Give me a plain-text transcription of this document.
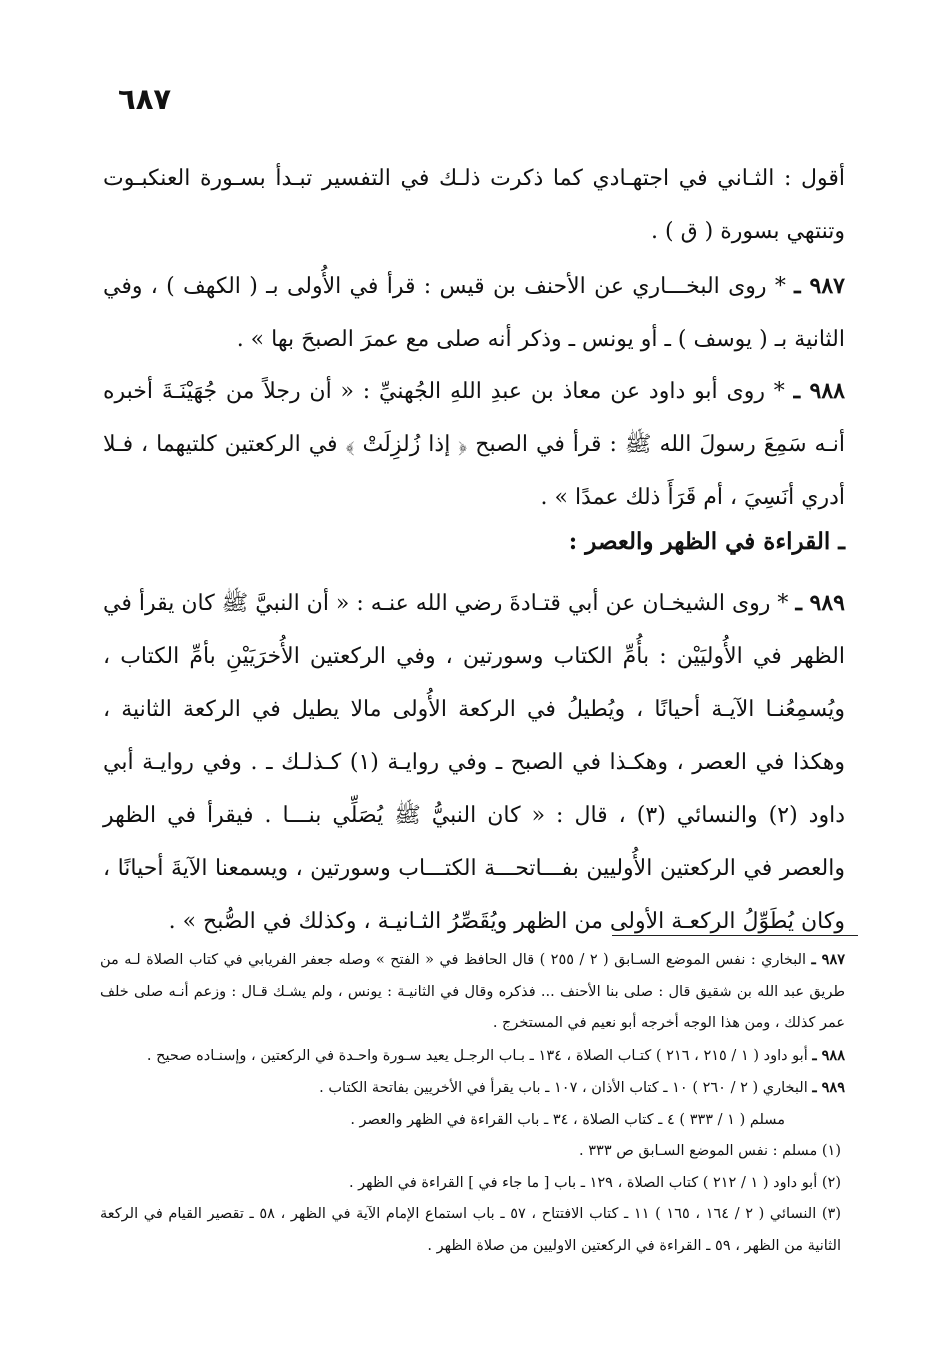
٦٨٧
أقول : الثـاني في اجتهـادي كما ذكرت ذلـك في التفسير تبـدأ بسـورة العنكبـوت وتنتهي بسورة ( ق ) .
٩٨٧ ـ * روى البخـــاري عن الأحنف بن قيس : قرأ في الأُولى بـ ( الكهف ) ، وفي الثانية بـ ( يوسف ) ـ أو يونس ـ وذكر أنه صلى مع عمرَ الصبحَ بها » .
٩٨٨ ـ * روى أبو داود عن معاذ بن عبدِ اللهِ الجُهنيِّ : « أن رجلاً من جُهَيْنَـةَ أخبره أنـه سَمِعَ رسولَ الله ﷺ : قرأ في الصبح ﴿ إذا زُلزِلَتْ ﴾ في الركعتين كلتيهما ، فـلا أدري أنَسِيَ ، أم قَرَأَ ذلك عمدًا » .
ـ القراءة في الظهر والعصر :
٩٨٩ ـ * روى الشيخـان عن أبي قتـادةَ رضي الله عنـه : « أن النبيَّ ﷺ كان يقرأ في الظهر في الأُوليَيْن : بأُمِّ الكتاب وسورتين ، وفي الركعتين الأُخرَيَيْنِ بأمِّ الكتاب ، ويُسمِعُنـا الآيـة أحيانًا ، ويُطيلُ في الركعة الأُولى مالا يطيل في الركعة الثانية ، وهكذا في العصر ، وهكـذا في الصبح ـ وفي روايـة (١) كـذلـك ـ . وفي روايـة أبي داود (٢) والنسائي (٣) ، قال : « كان النبيُّ ﷺ يُصَلِّي بنـــا . فيقرأ في الظهر والعصر في الركعتين الأُوليين بفـــاتحـــة الكتـــاب وسورتين ، ويسمعنا الآيةَ أحيانًا ، وكان يُطَوِّلُ الركعـة الأولى من الظهر ويُقَصِّرُ الثـانيـة ، وكذلك في الصُّبح » .

٩٨٧ ـ البخاري : نفس الموضع السـابق ( ٢ / ٢٥٥ ) قال الحافظ في « الفتح » وصله جعفر الفريابي في كتاب الصلاة لـه من طريق عبد الله بن شقيق قال : صلى بنا الأحنف ... فذكره وقال في الثانيـة : يونس ، ولم يشـك قـال : وزعم أنـه صلى خلف عمر كذلك ، ومن هذا الوجه أخرجه أبو نعيم في المستخرج .

٩٨٨ ـ أبو داود ( ١ / ٢١٥ ، ٢١٦ ) كتـاب الصلاة ، ١٣٤ ـ بـاب الرجـل يعيد سـورة واحـدة في الركعتين ، وإسنـاده صحيح .

٩٨٩ ـ البخاري ( ٢ / ٢٦٠ ) ١٠ ـ كتاب الأذان ، ١٠٧ ـ باب يقرأ في الأخريين بفاتحة الكتاب .

مسلم ( ١ / ٣٣٣ ) ٤ ـ كتاب الصلاة ، ٣٤ ـ باب القراءة في الظهر والعصر .

(١) مسلم : نفس الموضع السـابق ص ٣٣٣ .

(٢) أبو داود ( ١ / ٢١٢ ) كتاب الصلاة ، ١٢٩ ـ باب [ ما جاء في ] القراءة في الظهر .

(٣) النسائي ( ٢ / ١٦٤ ، ١٦٥ ) ١١ ـ كتاب الافتتاح ، ٥٧ ـ باب استماع الإمام الآية في الظهر ، ٥٨ ـ تقصير القيام في الركعة الثانية من الظهر ، ٥٩ ـ القراءة في الركعتين الاوليين من صلاة الظهر .
